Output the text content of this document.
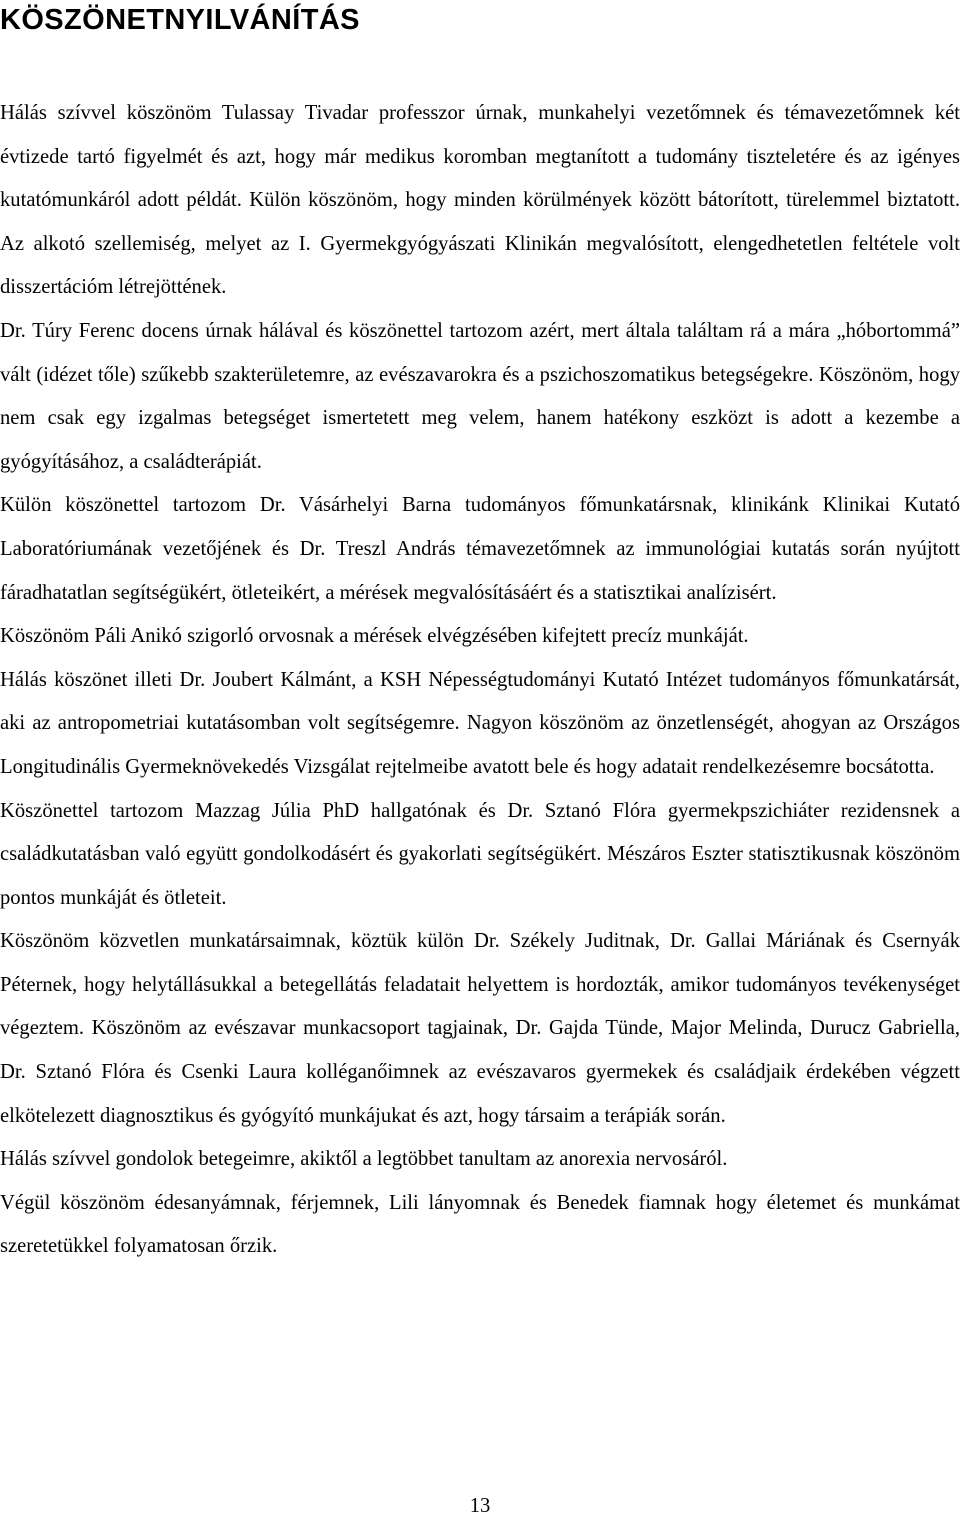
KÖSZÖNETNYILVÁNÍTÁS

Hálás szívvel köszönöm Tulassay Tivadar professzor úrnak, munkahelyi vezetőmnek és témavezetőmnek két évtizede tartó figyelmét és azt, hogy már medikus koromban megtanított a tudomány tiszteletére és az igényes kutatómunkáról adott példát. Külön köszönöm, hogy minden körülmények között bátorított, türelemmel biztatott. Az alkotó szellemiség, melyet az I. Gyermekgyógyászati Klinikán megvalósított, elengedhetetlen feltétele volt disszertációm létrejöttének.

Dr. Túry Ferenc docens úrnak hálával és köszönettel tartozom azért, mert általa találtam rá a mára „hóbortommá” vált (idézet tőle) szűkebb szakterületemre, az evészavarokra és a pszichoszomatikus betegségekre. Köszönöm, hogy nem csak egy izgalmas betegséget ismertetett meg velem, hanem hatékony eszközt is adott a kezembe a gyógyításához, a családterápiát.

Külön köszönettel tartozom Dr. Vásárhelyi Barna tudományos főmunkatársnak, klinikánk Klinikai Kutató Laboratóriumának vezetőjének és Dr. Treszl András témavezetőmnek az immunológiai kutatás során nyújtott fáradhatatlan segítségükért, ötleteikért, a mérések megvalósításáért és a statisztikai analízisért.

Köszönöm Páli Anikó szigorló orvosnak a mérések elvégzésében kifejtett precíz munkáját.

Hálás köszönet illeti Dr. Joubert Kálmánt, a KSH Népességtudományi Kutató Intézet tudományos főmunkatársát, aki az antropometriai kutatásomban volt segítségemre. Nagyon köszönöm az önzetlenségét, ahogyan az Országos Longitudinális Gyermeknövekedés Vizsgálat rejtelmeibe avatott bele és hogy adatait rendelkezésemre bocsátotta.

Köszönettel tartozom Mazzag Júlia PhD hallgatónak és Dr. Sztanó Flóra gyermekpszichiáter rezidensnek a családkutatásban való együtt gondolkodásért és gyakorlati segítségükért. Mészáros Eszter statisztikusnak köszönöm pontos munkáját és ötleteit.

Köszönöm közvetlen munkatársaimnak, köztük külön Dr. Székely Juditnak, Dr. Gallai Máriának és Csernyák Péternek, hogy helytállásukkal a betegellátás feladatait helyettem is hordozták, amikor tudományos tevékenységet végeztem. Köszönöm az evészavar munkacsoport tagjainak, Dr. Gajda Tünde, Major Melinda, Durucz Gabriella, Dr. Sztanó Flóra és Csenki Laura kolléganőimnek az evészavaros gyermekek és családjaik érdekében végzett elkötelezett diagnosztikus és gyógyító munkájukat és azt, hogy társaim a terápiák során.

Hálás szívvel gondolok betegeimre, akiktől a legtöbbet tanultam az anorexia nervosáról.

Végül köszönöm édesanyámnak, férjemnek, Lili lányomnak és Benedek fiamnak hogy életemet és munkámat szeretetükkel folyamatosan őrzik.

13
